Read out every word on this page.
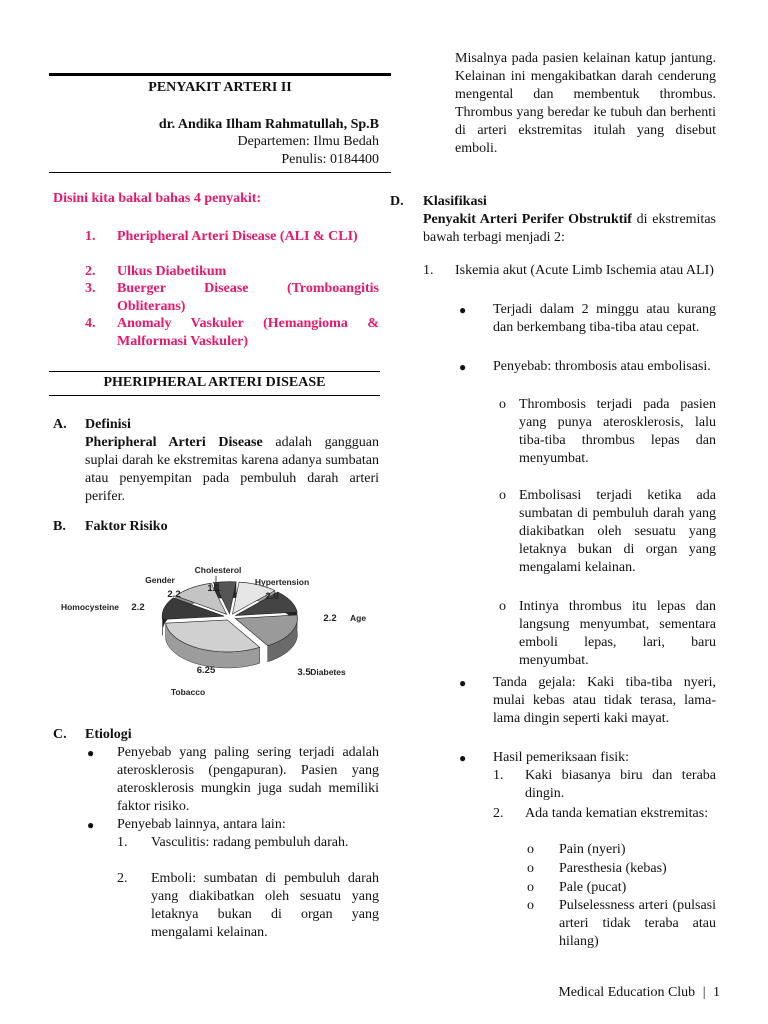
PENYAKIT ARTERI II
dr. Andika Ilham Rahmatullah, Sp.B
Departemen: Ilmu Bedah
Penulis: 0184400
Disini kita bakal bahas 4 penyakit:
1.	Pheripheral Arteri Disease (ALI & CLI)
2.	Ulkus Diabetikum
3.	Buerger Disease (Tromboangitis Obliterans)
4.	Anomaly Vaskuler (Hemangioma & Malformasi Vaskuler)
PHERIPHERAL ARTERI DISEASE
A. Definisi
Pheripheral Arteri Disease adalah gangguan suplai darah ke ekstremitas karena adanya sumbatan atau penyempitan pada pembuluh darah arteri perifer.
B. Faktor Risiko
Cholesterol
1.1
Hypertension
2.0
Age
2.2
Diabetes
3.5
Tobacco
6.25
Homocysteine 2.2
Gender
2.2
C. Etiologi
●	Penyebab yang paling sering terjadi adalah aterosklerosis (pengapuran). Pasien yang aterosklerosis mungkin juga sudah memiliki faktor risiko.
●	Penyebab lainnya, antara lain:
1.	Vasculitis: radang pembuluh darah.
2.	Emboli: sumbatan di pembuluh darah yang diakibatkan oleh sesuatu yang letaknya bukan di organ yang mengalami kelainan.
Misalnya pada pasien kelainan katup jantung. Kelainan ini mengakibatkan darah cenderung mengental dan membentuk thrombus. Thrombus yang beredar ke tubuh dan berhenti di arteri ekstremitas itulah yang disebut emboli.
D. Klasifikasi
Penyakit Arteri Perifer Obstruktif di ekstremitas bawah terbagi menjadi 2:
1.	Iskemia akut (Acute Limb Ischemia atau ALI)
●	Terjadi dalam 2 minggu atau kurang dan berkembang tiba-tiba atau cepat.
●	Penyebab: thrombosis atau embolisasi.
o Thrombosis terjadi pada pasien yang punya aterosklerosis, lalu tiba-tiba thrombus lepas dan menyumbat.
o Embolisasi terjadi ketika ada sumbatan di pembuluh darah yang diakibatkan oleh sesuatu yang letaknya bukan di organ yang mengalami kelainan.
o Intinya thrombus itu lepas dan langsung menyumbat, sementara emboli lepas, lari, baru menyumbat.
●	Tanda gejala: Kaki tiba-tiba nyeri, mulai kebas atau tidak terasa, lama-lama dingin seperti kaki mayat.
●	Hasil pemeriksaan fisik:
1.	Kaki biasanya biru dan teraba dingin.
2.	Ada tanda kematian ekstremitas:
o Pain (nyeri)
o Paresthesia (kebas)
o Pale (pucat)
o Pulselessness arteri (pulsasi arteri tidak teraba atau hilang)
Medical Education Club | 1
